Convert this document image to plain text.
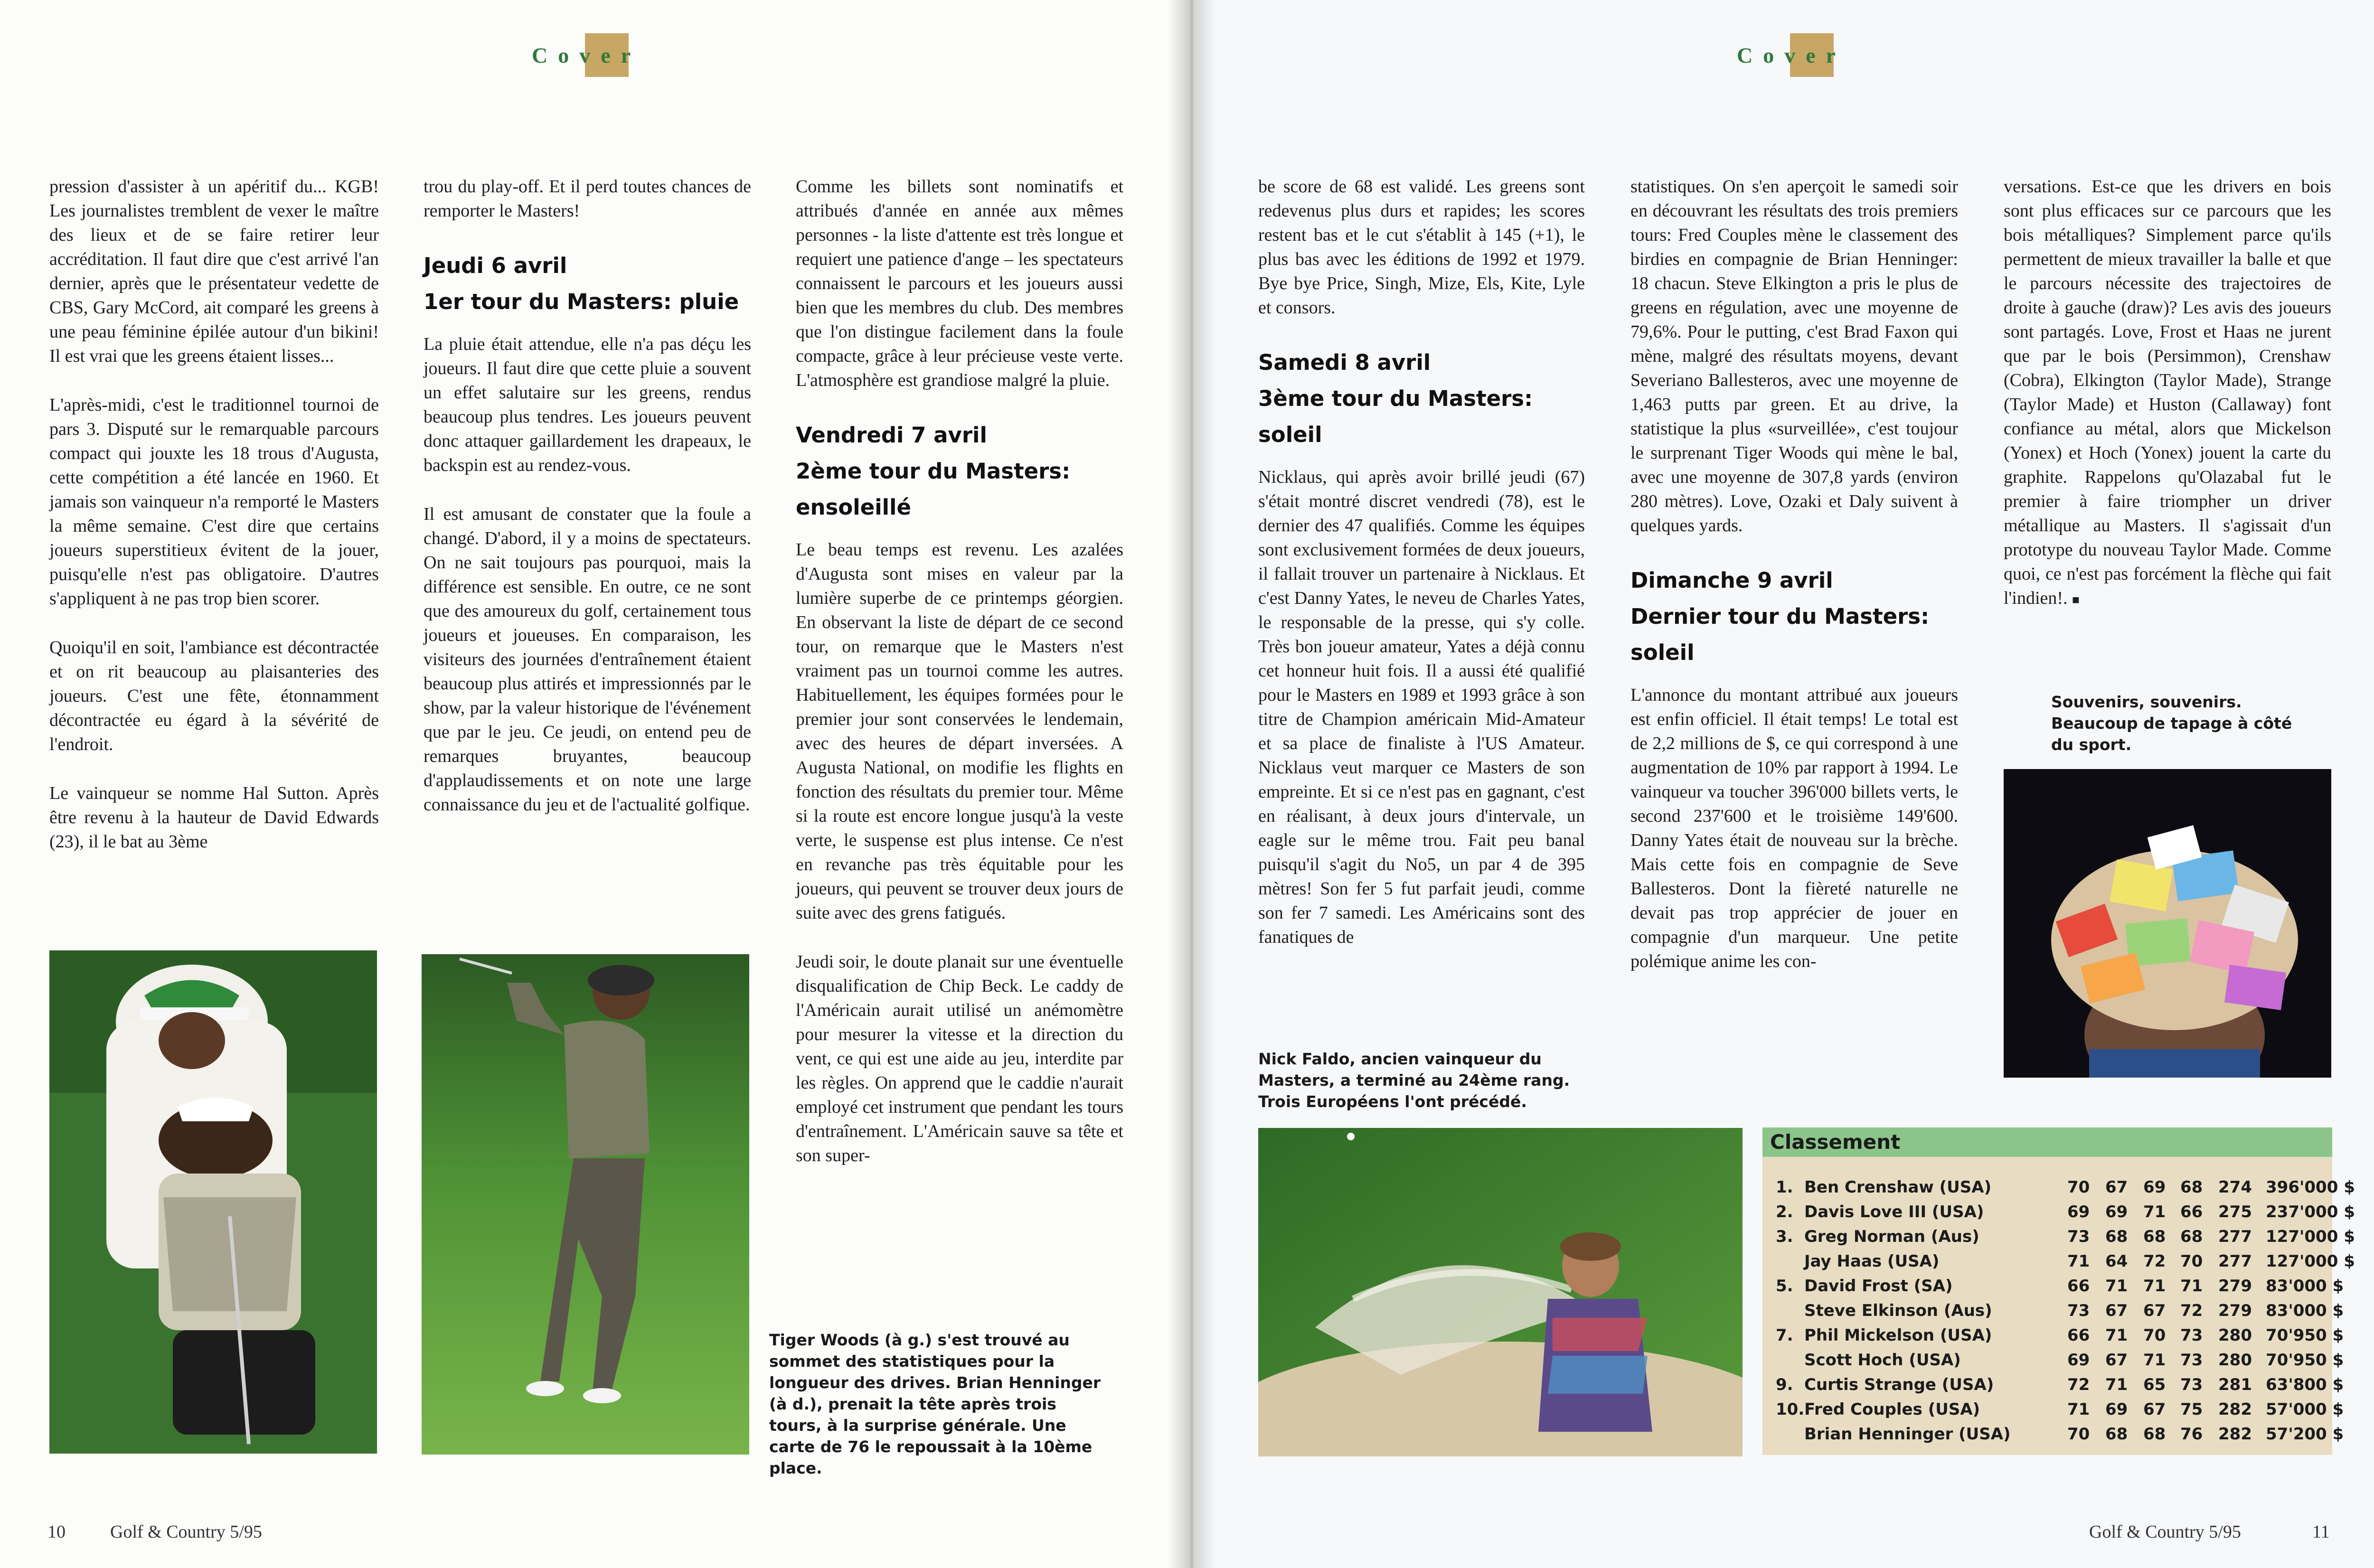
Cover

pression d'assister à un apéritif du... KGB! Les journalistes tremblent de vexer le maître des lieux et de se faire retirer leur accréditation. Il faut dire que c'est arrivé l'an dernier, après que le présentateur vedette de CBS, Gary McCord, ait comparé les greens à une peau féminine épilée autour d'un bikini! Il est vrai que les greens étaient lisses...

L'après-midi, c'est le traditionnel tournoi de pars 3. Disputé sur le remarquable parcours compact qui jouxte les 18 trous d'Augusta, cette compétition a été lancée en 1960. Et jamais son vainqueur n'a remporté le Masters la même semaine. C'est dire que certains joueurs superstitieux évitent de la jouer, puisqu'elle n'est pas obligatoire. D'autres s'appliquent à ne pas trop bien scorer.

Quoiqu'il en soit, l'ambiance est décontractée et on rit beaucoup au plaisanteries des joueurs. C'est une fête, étonnamment décontractée eu égard à la sévérité de l'endroit.

Le vainqueur se nomme Hal Sutton. Après être revenu à la hauteur de David Edwards (23), il le bat au 3ème

trou du play-off. Et il perd toutes chances de remporter le Masters!

Jeudi 6 avril
1er tour du Masters: pluie

La pluie était attendue, elle n'a pas déçu les joueurs. Il faut dire que cette pluie a souvent un effet salutaire sur les greens, rendus beaucoup plus tendres. Les joueurs peuvent donc attaquer gaillardement les drapeaux, le backspin est au rendez-vous.

Il est amusant de constater que la foule a changé. D'abord, il y a moins de spectateurs. On ne sait toujours pas pourquoi, mais la différence est sensible. En outre, ce ne sont que des amoureux du golf, certainement tous joueurs et joueuses. En comparaison, les visiteurs des journées d'entraînement étaient beaucoup plus attirés et impressionnés par le show, par la valeur historique de l'événement que par le jeu. Ce jeudi, on entend peu de remarques bruyantes, beaucoup d'applaudissements et on note une large connaissance du jeu et de l'actualité golfique.

Comme les billets sont nominatifs et attribués d'année en année aux mêmes personnes - la liste d'attente est très longue et requiert une patience d'ange – les spectateurs connaissent le parcours et les joueurs aussi bien que les membres du club. Des membres que l'on distingue facilement dans la foule compacte, grâce à leur précieuse veste verte. L'atmosphère est grandiose malgré la pluie.

Vendredi 7 avril
2ème tour du Masters: ensoleillé

Le beau temps est revenu. Les azalées d'Augusta sont mises en valeur par la lumière superbe de ce printemps géorgien. En observant la liste de départ de ce second tour, on remarque que le Masters n'est vraiment pas un tournoi comme les autres. Habituellement, les équipes formées pour le premier jour sont conservées le lendemain, avec des heures de départ inversées. A Augusta National, on modifie les flights en fonction des résultats du premier tour. Même si la route est encore longue jusqu'à la veste verte, le suspense est plus intense. Ce n'est en revanche pas très équitable pour les joueurs, qui peuvent se trouver deux jours de suite avec des grens fatigués.

Jeudi soir, le doute planait sur une éventuelle disqualification de Chip Beck. Le caddy de l'Américain aurait utilisé un anémomètre pour mesurer la vitesse et la direction du vent, ce qui est une aide au jeu, interdite par les règles. On apprend que le caddie n'aurait employé cet instrument que pendant les tours d'entraînement. L'Américain sauve sa tête et son super-

Tiger Woods (à g.) s'est trouvé au sommet des statistiques pour la longueur des drives. Brian Henninger (à d.), prenait la tête après trois tours, à la surprise générale. Une carte de 76 le repoussait à la 10ème place.
10 Golf & Country 5/95
Cover

be score de 68 est validé. Les greens sont redevenus plus durs et rapides; les scores restent bas et le cut s'établit à 145 (+1), le plus bas avec les éditions de 1992 et 1979. Bye bye Price, Singh, Mize, Els, Kite, Lyle et consors.

Samedi 8 avril
3ème tour du Masters:
soleil

Nicklaus, qui après avoir brillé jeudi (67) s'était montré discret vendredi (78), est le dernier des 47 qualifiés. Comme les équipes sont exclusivement formées de deux joueurs, il fallait trouver un partenaire à Nicklaus. Et c'est Danny Yates, le neveu de Charles Yates, le responsable de la presse, qui s'y colle. Très bon joueur amateur, Yates a déjà connu cet honneur huit fois. Il a aussi été qualifié pour le Masters en 1989 et 1993 grâce à son titre de Champion américain Mid-Amateur et sa place de finaliste à l'US Amateur. Nicklaus veut marquer ce Masters de son empreinte. Et si ce n'est pas en gagnant, c'est en réalisant, à deux jours d'intervale, un eagle sur le même trou. Fait peu banal puisqu'il s'agit du No5, un par 4 de 395 mètres! Son fer 5 fut parfait jeudi, comme son fer 7 samedi. Les Américains sont des fanatiques de

statistiques. On s'en aperçoit le samedi soir en découvrant les résultats des trois premiers tours: Fred Couples mène le classement des birdies en compagnie de Brian Henninger: 18 chacun. Steve Elkington a pris le plus de greens en régulation, avec une moyenne de 79,6%. Pour le putting, c'est Brad Faxon qui mène, malgré des résultats moyens, devant Severiano Ballesteros, avec une moyenne de 1,463 putts par green. Et au drive, la statistique la plus «surveillée», c'est toujour le surprenant Tiger Woods qui mène le bal, avec une moyenne de 307,8 yards (environ 280 mètres). Love, Ozaki et Daly suivent à quelques yards.

Dimanche 9 avril
Dernier tour du Masters:
soleil

L'annonce du montant attribué aux joueurs est enfin officiel. Il était temps! Le total est de 2,2 millions de $, ce qui correspond à une augmentation de 10% par rapport à 1994. Le vainqueur va toucher 396'000 billets verts, le second 237'600 et le troisième 149'600. Danny Yates était de nouveau sur la brèche. Mais cette fois en compagnie de Seve Ballesteros. Dont la fièreté naturelle ne devait pas trop apprécier de jouer en compagnie d'un marqueur. Une petite polémique anime les con-

versations. Est-ce que les drivers en bois sont plus efficaces sur ce parcours que les bois métalliques? Simplement parce qu'ils permettent de mieux travailler la balle et que le parcours nécessite des trajectoires de droite à gauche (draw)? Les avis des joueurs sont partagés. Love, Frost et Haas ne jurent que par le bois (Persimmon), Crenshaw (Cobra), Elkington (Taylor Made), Strange (Taylor Made) et Huston (Callaway) font confiance au métal, alors que Mickelson (Yonex) et Hoch (Yonex) jouent la carte du graphite. Rappelons qu'Olazabal fut le premier à faire triompher un driver métallique au Masters. Il s'agissait d'un prototype du nouveau Taylor Made. Comme quoi, ce n'est pas forcément la flèche qui fait l'indien!. ■

Souvenirs, souvenirs. Beaucoup de tapage à côté du sport.
Nick Faldo, ancien vainqueur du Masters, a terminé au 24ème rang. Trois Européens l'ont précédé.
Classement
1. Ben Crenshaw (USA)	70 67 69 68 274 396'000 $
2. Davis Love III (USA)	69 69 71 66 275 237'000 $
3. Greg Norman (Aus)	73 68 68 68 277 127'000 $
Jay Haas (USA)	71 64 72 70 277 127'000 $
5. David Frost (SA)	66 71 71 71 279 83'000 $
Steve Elkinson (Aus)	73 67 67 72 279 83'000 $
7. Phil Mickelson (USA)	66 71 70 73 280 70'950 $
Scott Hoch (USA)	69 67 71 73 280 70'950 $
9. Curtis Strange (USA)	72 71 65 73 281 63'800 $
10. Fred Couples (USA)	71 69 67 75 282 57'000 $
Brian Henninger (USA)	70 68 68 76 282 57'200 $
Golf & Country 5/95	11
